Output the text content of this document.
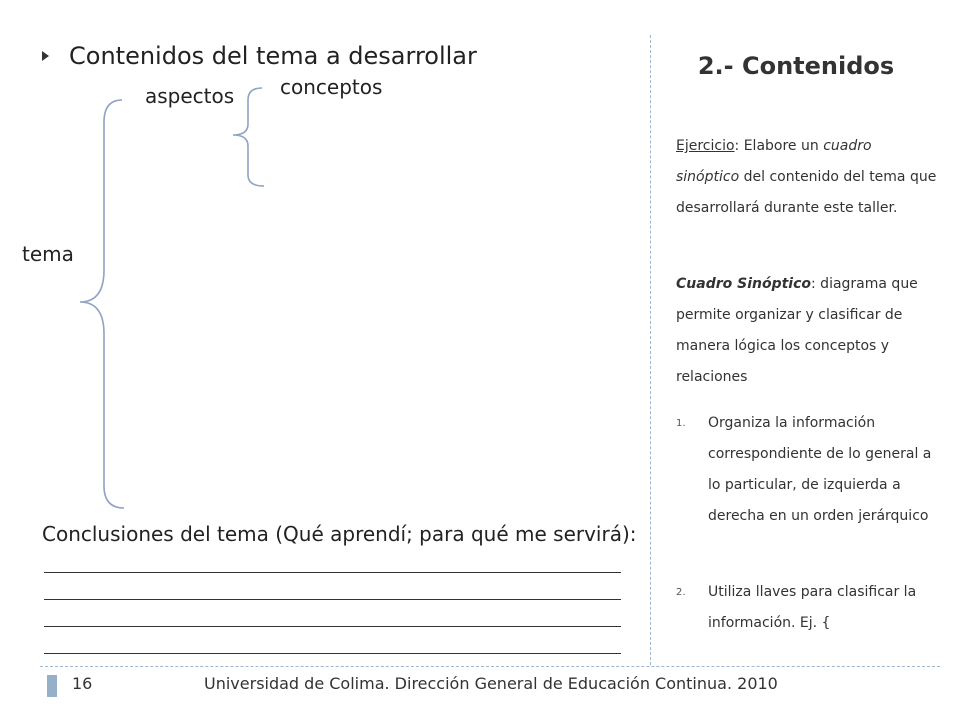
Contenidos del tema a desarrollar
aspectos conceptos
tema
Conclusiones del tema (Qué aprendí; para qué me servirá):
2.- Contenidos
Ejercicio: Elabore un cuadro sinóptico del contenido del tema que desarrollará durante este taller.
Cuadro Sinóptico: diagrama que permite organizar y clasificar de manera lógica los conceptos y relaciones
1.	Organiza la información correspondiente de lo general a lo particular, de izquierda a derecha en un orden jerárquico
2.	Utiliza llaves para clasificar la información. Ej. {
16	Universidad de Colima. Dirección General de Educación Continua. 2010
